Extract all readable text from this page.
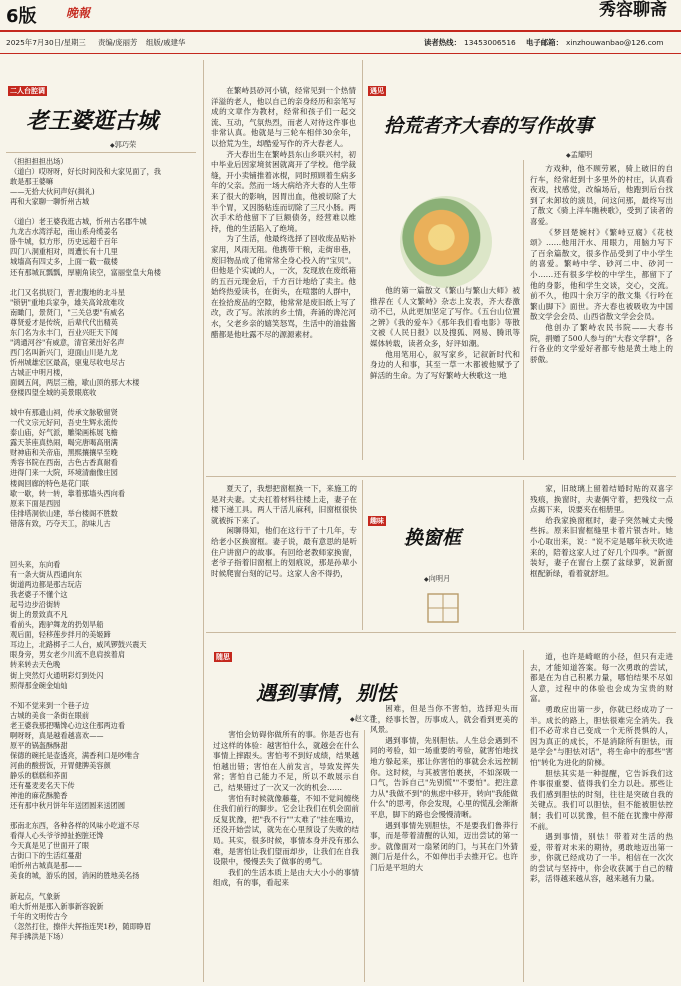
6版 晚報	秀容聊斋
2025年7月30日/星期三 责编/庞丽芳 组版/戚建华	读者热线： 13453006516 电子邮箱： xinzhouwanbao@126.com
二人台腔调
老王婆逛古城
◆ 郭巧荣

（担担担担出场）

（道白）哎呀呀，好长时间没和大家见面了，我

敢是那王婆嘛

——无拾大伙问声好(揖礼)

再和大家聊一聊忻州古城

（道白）老王婆我逛古城，忻州古名郡牛城

九龙古水湾浮起，南山系舟缆姜名

卧牛城，似方形，历史远超千百年

四门八洞重相对，周遭长有十几里

城墙高有四丈多，上面一截一截楼

还有那城瓦瓢瓢，厚剔角读空，富丽堂皇大角楼

北门又名拱辰门，晋北腹地的北斗星

"锁钥"重地兵家争，雄关高耸敌难攻

南瞰门，景贤门，"三关总要"有威名

尊贤爱才是传统，后辈代代出精英

东门名为永丰门，百业兴旺天下闻

"鸿通河谷"有威意，清官莱出好名声

西门名叫新兴门，迎面山川是九龙

忻州城雄宏区最高，驱鬼尽收电尽古

古城正中明月楼，

面阔五间，两层三檐，歇山顶的那大木楼

登楼四望全城的美景眼底收

城中有那遗山祠，传承文脉敬留贤

一代文宗元好问，吾史生辉永流传

泰山庙，好气派，雕梁画栋展飞檐

露天茶座真热闹，喝完唐喝高朋满

财神庙和关帝庙，黑熙攘攘早至晚

秀容书院在西南，古色古香真耐看

进得门来一大院，环境清幽像庄园

楼阁回廊的特色是花门联

歇一歇，转一转，靠着那墙头西向看

原来下面是西园

佳排塔洞依山建，举台楼阁不胜数

错落有致，巧夺天工，韵味儿古

回头来，东向看

有一条大街从西通向东

街道两边都是那古玩店

我老婆子不懂个这

起号边步沿街转

街上的景致真不凡

看前头，跑驴舞龙的扔划旱船

观后面，轻移莲步拌月的美姬蹄

耳边上，北路梆子二人台，威风锣鼓兴震天

眼身旁，男女老少川流不息肩挨着肩

转来转去天色晚

街上突然灯火通明彩灯到处闪

照得那金碗金灿灿

不知不觉来到一个巷子边

古城的美食一条街在眼前

老王婆我那把嘴馋心边这住那两边看

啊呀呀，真是越看越喜欢——

原平的锅盔酥酥甜

保德的碗托是壶透亮，满香利口是吵唯含

河曲的酸捞饭，开胃健脾美容颜

静乐的糕糕和荞面

还有蔓麦麦名天下传

神池的麻花酥脆香

还有那中秋月饼年年送团圆来送团圆

那南北东西，各种各样的风味小吃道不尽

看得人心头爷爷掉扯抱脏还馋

今天真是见了世面开了眼

古街口下的生活红蔓甜

咱忻州古城真是那——

美食的城，游乐的园，消闲的胜地美名扬

新起点，气象新

咱大忻州是那入新事新容貌新

千年的文明传古今

（忽然打住，擦伴大挥指连哭1秒，随即睁眉

拜手拂洪是下场）

在繁峙县砂河小镇，经常见到一个热情洋溢的老人，他以自己的亲身经历和亲笔写成的文章作为教材，经常和孩子们一起交流、互动，气氛热烈，而老人对待这件事也非常认真。他就是与三轮车相伴30余年，以拾荒为生，却酷爱写作的齐大春老人。

齐大春出生在繁峙县东山乡联兴村，初中毕业后因家境贫困就离开了学校。他学裁缝，开小卖铺推着冰棍，同时照顾着生病多年的父亲。然而一场大病给齐大春的人生带来了很大的影响，因胃出血，他被切除了大半个胃，又因肠粘连而切除了三尺小肠。两次手术给他留下了巨额债务，经营难以维持，他的生活陷入了绝境。

为了生活，他最终选择了回收废品贴补家用，风雨无阻。他携带干粮，走街串巷，废旧物品成了他常常全身心投入的"宝贝"。但他是个实诚的人，一次，发现放在废纸箱的五百元现金后，千方百计地给了卖主。他始终热爱读书，在街头，在喧嚣的人群中，在捡拾废品的空隙，他常常是废旧纸上写了改，改了写。浓浓的乡土情，奔涌的谗沱河水，父老乡亲的嬉笑怒骂，生活中的油盐酱醋都是他吐露不尽的源源素材。

遇见
拾荒者齐大春的写作故事
◆ 孟耀明

他的第一篇散文《繁山与繁山大师》被推荐在《人文繁峙》杂志上发表，齐大春激动不已，从此更加坚定了写作。《五台山位置之辨》《我的爱车》《那年我们看电影》等散文被《人民日报》以及搜狐、网易、腾讯等媒体转载，读者众多，好评如潮。

他用笔用心，叙写家乡，记叙新时代和身边的人和事，其至一草一木都被他赋予了鲜活的生命。为了写好繁峙大秧歌这一地

方戏种，他不顾劳累，骑上破旧的自行车，经常赶到十多里外的村庄，认真看夜戏，找感觉，改编场后，他跑到后台找到了未卸妆的演员，问这问那，最终写出了散文《骑上洋车瞧秧歌》，受到了读者的喜爱。

《梦回楚婉村》《繁峙豆腐》《花枝颂》……他用汗水、用眼力，用脑力写下了百余篇散文，很多作品受到了中小学生的喜爱。繁峙中学、砂河二中、砂河一小……还有很多学校的中学生，都留下了他的身影，他和学生交谈，交心，交流。前不久，他四十余万字的散文集《行吟在繁山脚下》面世。齐大春也被吸收为中国散文学会会员、山西省散文学会会员。

他创办了繁峙农民书院——大春书院，捐赠了500人参与的"大春文学群"，各行各业的文学爱好者都专他是黄土地上的骄傲。

夏天了，我想把窗框换一下，来施工的是对夫妻。丈夫扛着材料往楼上走，妻子在楼下递工具。两人干活儿麻利，旧窗框很快就被拆下来了。

闲聊得知，他们在这行干了十几年，专给老小区换窗框。妻子说，最有意思的是听住户讲窗户的故事。有回给老教师家换窗，老爷子指着旧窗框上的划痕说，那是孙辈小时候爬窗台刻的记号。这家人舍不得扔，

趣味
换窗框
◆ 向明月

家，旧玻璃上留着结婚时贴的双喜字残痕，换窗时，夫妻俩守着，把残纹一点点揭下来，说要夹在相册里。

给我家换窗框时，妻子突然喊丈夫慢些拆。原来旧窗框缝里卡着片银杏叶。她小心取出来，说："说不定是哪年秋天吹进来的，陪着这家人过了好几个四季。"新窗装好，妻子在窗台上摆了盆绿萝，说新窗框配新绿，看着就舒坦。

随思
遇到事情，别怯
◆ 赵文君

害怕会妨碍你做所有的事。你是否也有过这样的体验：越害怕什么，就越会在什么事情上摔跟头。害怕考不到好成绩，结果越怕越出错；害怕在人前发言，导致发挥失常；害怕自己能力不足，所以不敢展示自己，结果错过了一次又一次的机会……

害怕有时候就像藤蔓，不知不觉间缠绕住我们前行的脚步。它会让我们在机会面前反复犹豫，把"我不行""太难了"挂在嘴边，还没开始尝试，就先在心里预设了失败的结局。其实，很多时候，事情本身并没有那么难，是害怕让我们望而却步，让我们在自我设限中，慢慢丢失了做事的勇气。

我们的生活本质上是由大大小小的事情组成，有的事，看起来

困难，但是当你不害怕，选择迎头而上，经事长智，历事成人，就会看到更美的风景。

遇到事情，先别胆怯。人生总会遇到不同的考验，如一场重要的考验，就害怕地找地方躲起来，那让你害怕的事就会永远控制你。这时候，与其被害怕裹挟，不如深吸一口气，告诉自己"先别慌""不要怕"。把注意力从"我做不到"的焦虑中移开，转向"我能做什么"的思考，你会发现，心里的慌乱会渐渐平息，脚下的路也会慢慢清晰。

遇到事情先别胆怯，不是要我们鲁莽行事，而是带着清醒的认知，迈出尝试的第一步。就像面对一扇紧闭的门，与其在门外猜测门后是什么，不如伸出手去推开它。也许门后是平坦的大

道，也许是崎岖的小径，但只有走进去，才能知道答案。每一次勇敢的尝试，都是在为自己积累力量，哪怕结果不尽如人意，过程中的体验也会成为宝贵的财富。

勇敢应出第一步，你就已经成功了一半。成长的路上，胆怯很难完全消失。我们不必苛求自己变成一个无所畏惧的人，因为真正的成长，不是消除所有胆怯，而是学会"与胆怯对话"，将生命中的那些"害怕"转化为进化的阶梯。

胆怯其实是一种提醒，它告诉我们这件事很重要、值得我们全力以赴。那些让我们感到胆怯的时刻，往往是突破自我的关键点。我们可以胆怯，但不能被胆怯控制；我们可以犹豫，但不能在犹豫中停滞不前。

遇到事情，别怯！带着对生活的热爱，带着对未来的期待，勇敢地迈出第一步，你就已经成功了一半。相信在一次次的尝试与坚持中，你会收获属于自己的精彩，活得越来越从容，越来越有力量。
